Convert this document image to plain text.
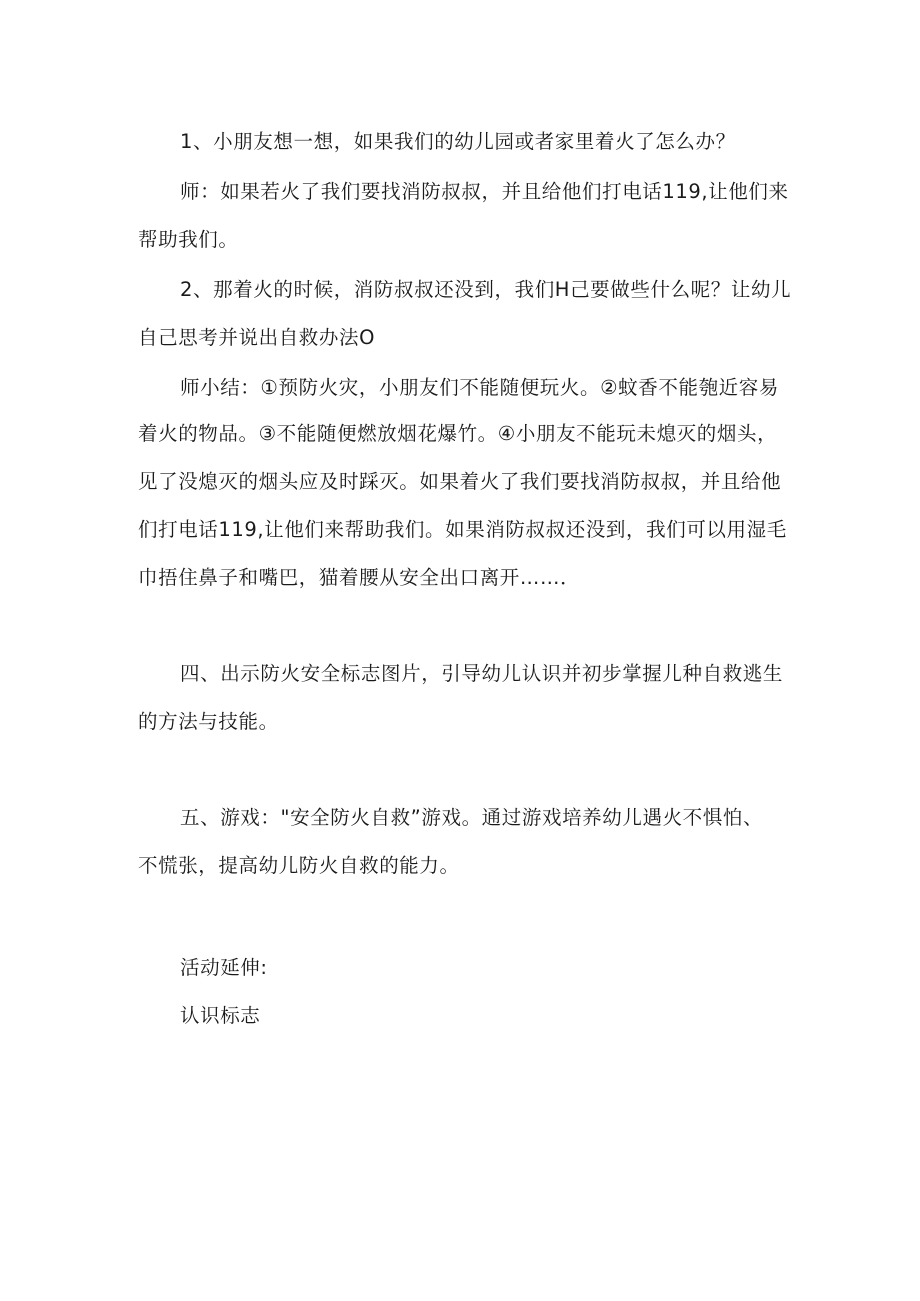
1、小朋友想一想，如果我们的幼儿园或者家里着火了怎么办？
师：如果若火了我们要找消防叔叔，并且给他们打电话119,让他们来
帮助我们。
2、那着火的时候，消防叔叔还没到，我们H己要做些什么呢？让幼儿
自己思考并说出自救办法O
师小结：①预防火灾，小朋友们不能随便玩火。②蚊香不能匏近容易
着火的物品。③不能随便燃放烟花爆竹。④小朋友不能玩未熄灭的烟头，
见了没熄灭的烟头应及时踩灭。如果着火了我们要找消防叔叔，并且给他
们打电话119,让他们来帮助我们。如果消防叔叔还没到，我们可以用湿毛
巾捂住鼻子和嘴巴，猫着腰从安全出口离开……．
四、出示防火安全标志图片，引导幼儿认识并初步掌握儿种自救逃生
的方法与技能。
五、游戏："安全防火自救”游戏。通过游戏培养幼儿遇火不惧怕、
不慌张，提高幼儿防火自救的能力。
活动延伸:
认识标志
